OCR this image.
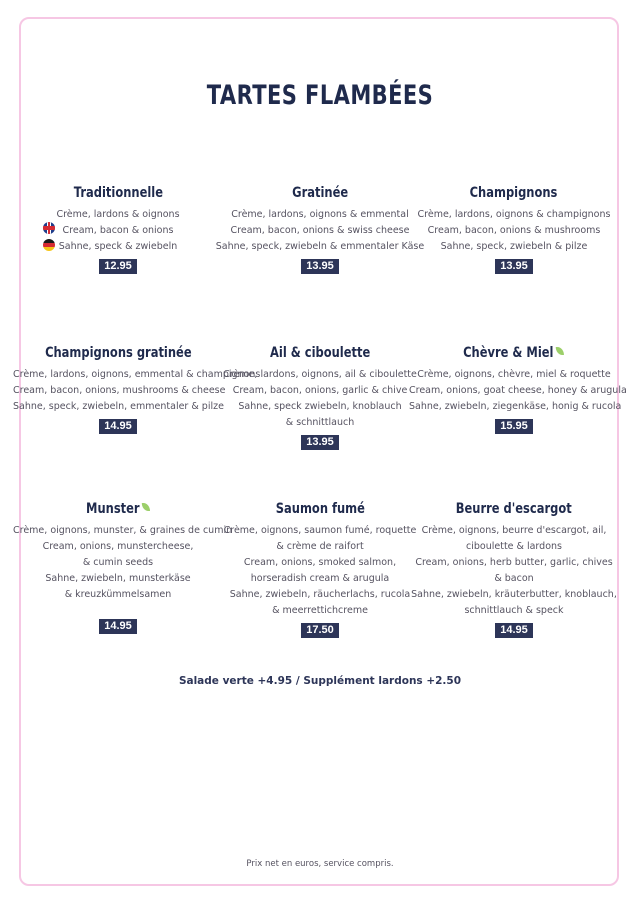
TARTES FLAMBÉES
Traditionnelle
Crème, lardons & oignons
Cream, bacon & onions
Sahne, speck & zwiebeln
12.95
Gratinée
Crème, lardons, oignons & emmental
Cream, bacon, onions & swiss cheese
Sahne, speck, zwiebeln & emmentaler Käse
13.95
Champignons
Crème, lardons, oignons & champignons
Cream, bacon, onions & mushrooms
Sahne, speck, zwiebeln & pilze
13.95
Champignons gratinée
Crème, lardons, oignons, emmental & champignons
Cream, bacon, onions, mushrooms & cheese
Sahne, speck, zwiebeln, emmentaler & pilze
14.95
Ail & ciboulette
Crème, lardons, oignons, ail & ciboulette
Cream, bacon, onions, garlic & chive
Sahne, speck zwiebeln, knoblauch
& schnittlauch
13.95
Chèvre & Miel
Crème, oignons, chèvre, miel & roquette
Cream, onions, goat cheese, honey & arugula
Sahne, zwiebeln, ziegenkäse, honig & rucola
15.95
Munster
Crème, oignons, munster, & graines de cumin
Cream, onions, munstercheese,
& cumin seeds
Sahne, zwiebeln, munsterkäse
& kreuzkümmelsamen
14.95
Saumon fumé
Crème, oignons, saumon fumé, roquette
& crème de raifort
Cream, onions, smoked salmon,
horseradish cream & arugula
Sahne, zwiebeln, räucherlachs, rucola
& meerrettichcreme
17.50
Beurre d'escargot
Crème, oignons, beurre d'escargot, ail,
ciboulette & lardons
Cream, onions, herb butter, garlic, chives
& bacon
Sahne, zwiebeln, kräuterbutter, knoblauch,
schnittlauch & speck
14.95
Salade verte +4.95 / Supplément lardons +2.50
Prix net en euros, service compris.
